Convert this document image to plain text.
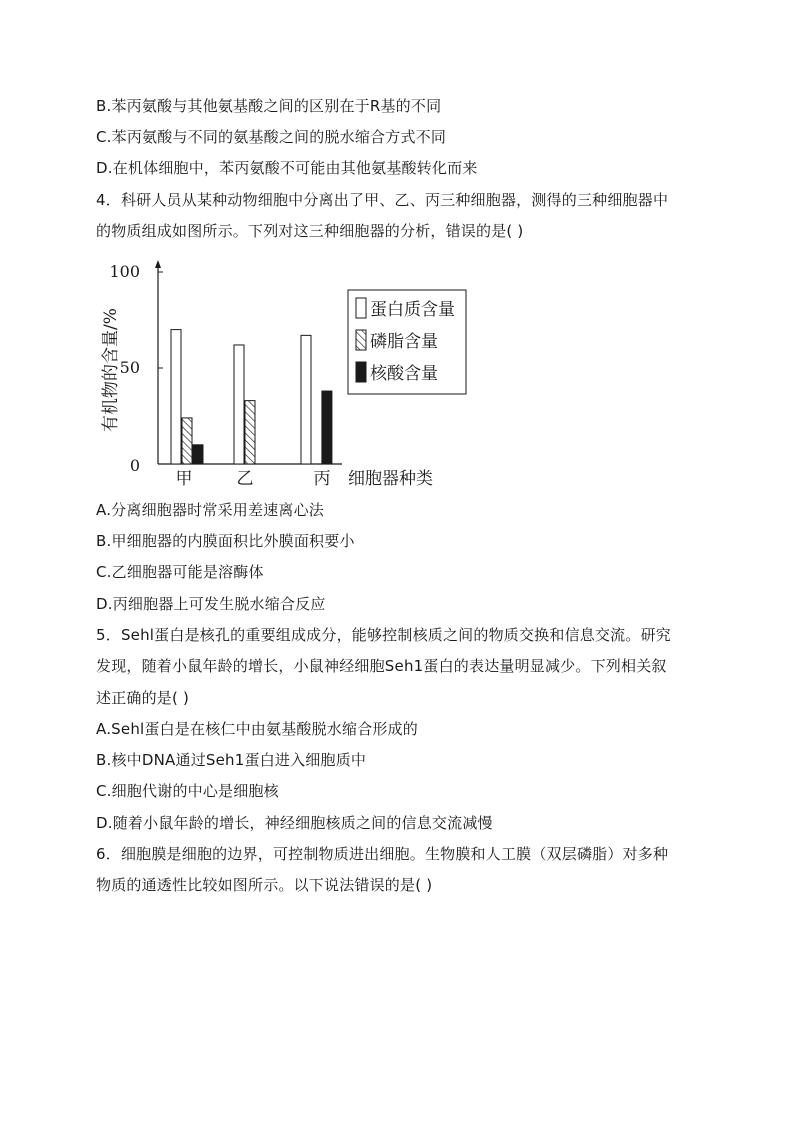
B.苯丙氨酸与其他氨基酸之间的区别在于R基的不同
C.苯丙氨酸与不同的氨基酸之间的脱水缩合方式不同
D.在机体细胞中，苯丙氨酸不可能由其他氨基酸转化而来
4．科研人员从某种动物细胞中分离出了甲、乙、丙三种细胞器，测得的三种细胞器中
的物质组成如图所示。下列对这三种细胞器的分析，错误的是( )
0
50
100
有机物的含量/%
甲	乙	丙 细胞器种类
蛋白质含量
磷脂含量
核酸含量
A.分离细胞器时常采用差速离心法
B.甲细胞器的内膜面积比外膜面积要小
C.乙细胞器可能是溶酶体
D.丙细胞器上可发生脱水缩合反应
5．Sehl蛋白是核孔的重要组成成分，能够控制核质之间的物质交换和信息交流。研究
发现，随着小鼠年龄的增长，小鼠神经细胞Seh1蛋白的表达量明显减少。下列相关叙
述正确的是( )
A.Sehl蛋白是在核仁中由氨基酸脱水缩合形成的
B.核中DNA通过Seh1蛋白进入细胞质中
C.细胞代谢的中心是细胞核
D.随着小鼠年龄的增长，神经细胞核质之间的信息交流减慢
6．细胞膜是细胞的边界，可控制物质进出细胞。生物膜和人工膜（双层磷脂）对多种
物质的通透性比较如图所示。以下说法错误的是( )
